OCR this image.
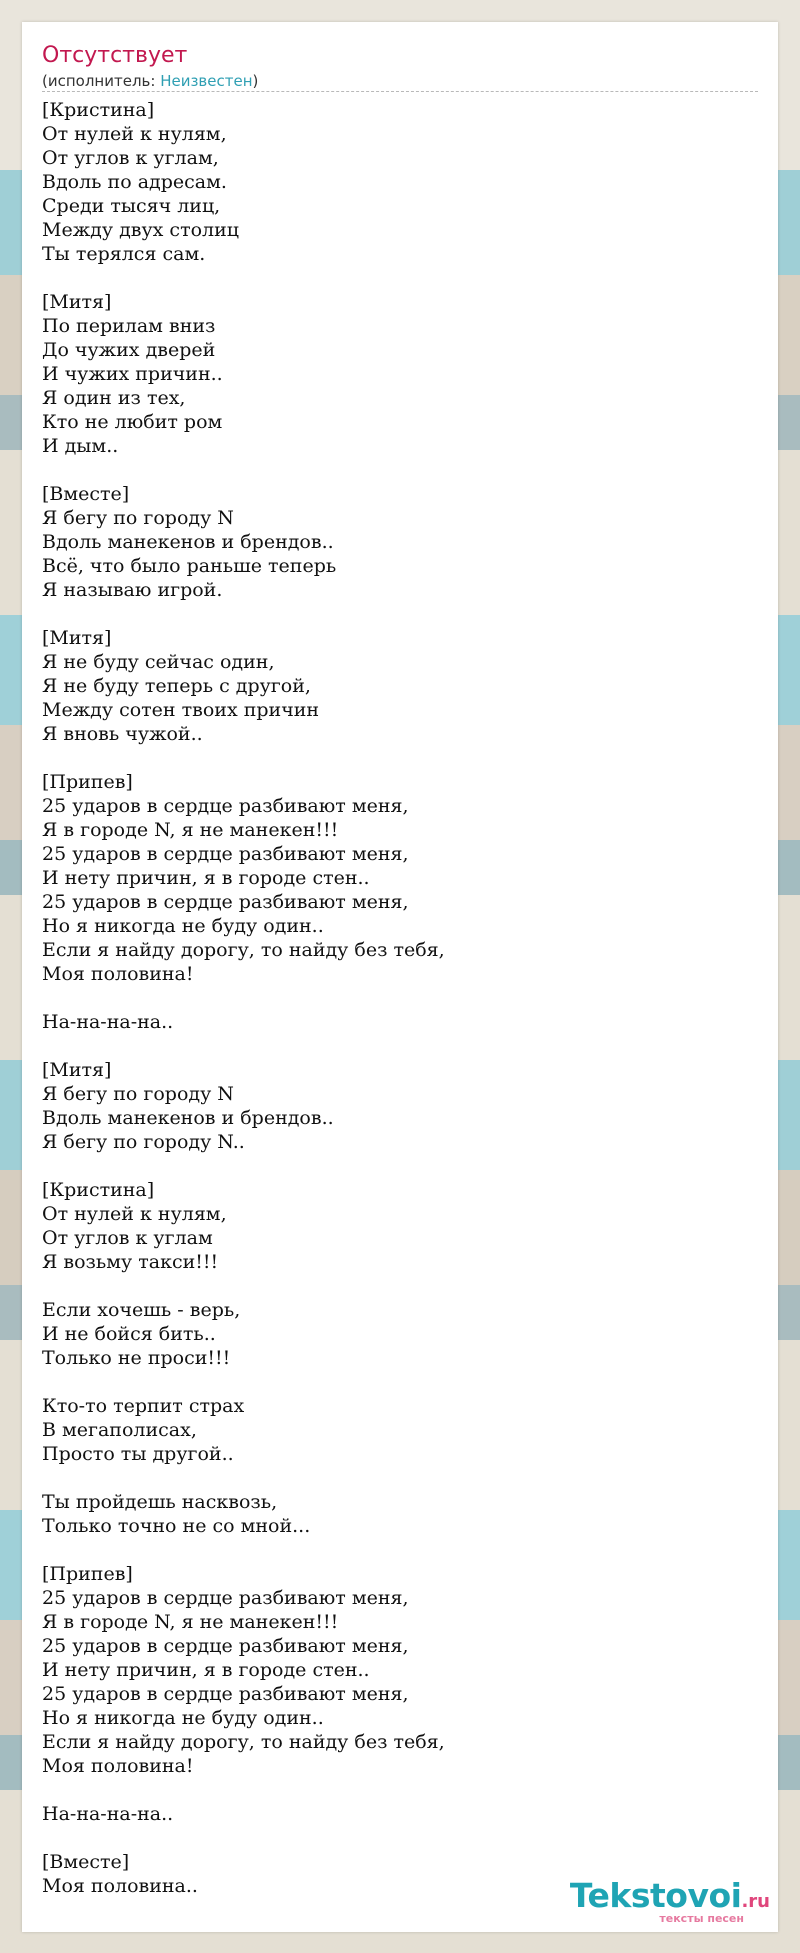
Отсутствует
(исполнитель: Неизвестен)
[Кристина]
От нулей к нулям,
От углов к углам,
Вдоль по адресам.
Среди тысяч лиц,
Между двух столиц
Ты терялся сам.
[Митя]
По перилам вниз
До чужих дверей
И чужих причин..
Я один из тех,
Кто не любит ром
И дым..
[Вместе]
Я бегу по городу N
Вдоль манекенов и брендов..
Всё, что было раньше теперь
Я называю игрой.
[Митя]
Я не буду сейчас один,
Я не буду теперь с другой,
Между сотен твоих причин
Я вновь чужой..
[Припев]
25 ударов в сердце разбивают меня,
Я в городе N, я не манекен!!!
25 ударов в сердце разбивают меня,
И нету причин, я в городе стен..
25 ударов в сердце разбивают меня,
Но я никогда не буду один..
Если я найду дорогу, то найду без тебя,
Моя половина!
На-на-на-на..
[Митя]
Я бегу по городу N
Вдоль манекенов и брендов..
Я бегу по городу N..
[Кристина]
От нулей к нулям,
От углов к углам
Я возьму такси!!!
Если хочешь - верь,
И не бойся бить..
Только не проси!!!
Кто-то терпит страх
В мегаполисах,
Просто ты другой..
Ты пройдешь насквозь,
Только точно не со мной...
[Припев]
25 ударов в сердце разбивают меня,
Я в городе N, я не манекен!!!
25 ударов в сердце разбивают меня,
И нету причин, я в городе стен..
25 ударов в сердце разбивают меня,
Но я никогда не буду один..
Если я найду дорогу, то найду без тебя,
Моя половина!
На-на-на-на..
[Вместе]
Моя половина..	Tekstovoi.ru
тексты песен
